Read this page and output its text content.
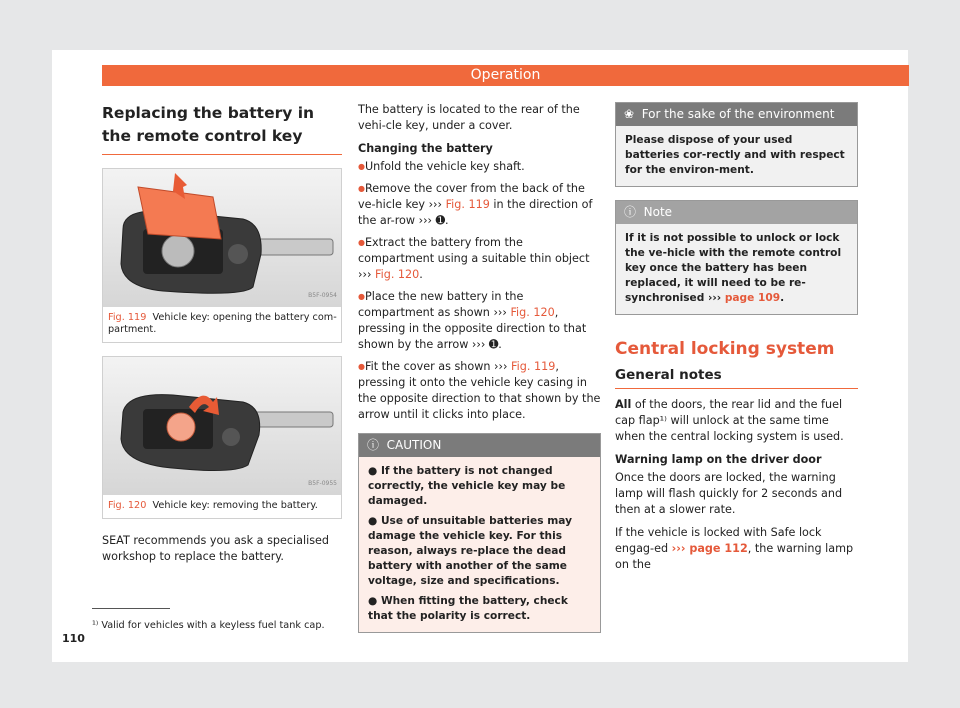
Operation
Replacing the battery in the remote control key
B5F-0954
Fig. 119 Vehicle key: opening the battery com-partment.
B5F-0955
Fig. 120 Vehicle key: removing the battery.

SEAT recommends you ask a specialised workshop to replace the battery.

The battery is located to the rear of the vehi-cle key, under a cover.

Changing the battery

● Unfold the vehicle key shaft.
● Remove the cover from the back of the ve-hicle key ››› Fig. 119 in the direction of the ar-row ››› ➊.
● Extract the battery from the compartment using a suitable thin object ››› Fig. 120.
● Place the new battery in the compartment as shown ››› Fig. 120, pressing in the opposite direction to that shown by the arrow ››› ➊.
● Fit the cover as shown ››› Fig. 119, pressing it onto the vehicle key casing in the opposite direction to that shown by the arrow until it clicks into place.
ⓘ CAUTION
● If the battery is not changed correctly, the vehicle key may be damaged.
● Use of unsuitable batteries may damage the vehicle key. For this reason, always re-place the dead battery with another of the same voltage, size and specifications.
● When fitting the battery, check that the polarity is correct.
❀ For the sake of the environment
Please dispose of your used batteries cor-rectly and with respect for the environ-ment.
ⓘ Note
If it is not possible to unlock or lock the ve-hicle with the remote control key once the battery has been replaced, it will need to be re-synchronised ››› page 109.
Central locking system
General notes

All of the doors, the rear lid and the fuel cap flap¹⁾ will unlock at the same time when the central locking system is used.

Warning lamp on the driver door

Once the doors are locked, the warning lamp will flash quickly for 2 seconds and then at a slower rate.

If the vehicle is locked with Safe lock engag-ed ››› page 112, the warning lamp on the

¹⁾ Valid for vehicles with a keyless fuel tank cap.
110
